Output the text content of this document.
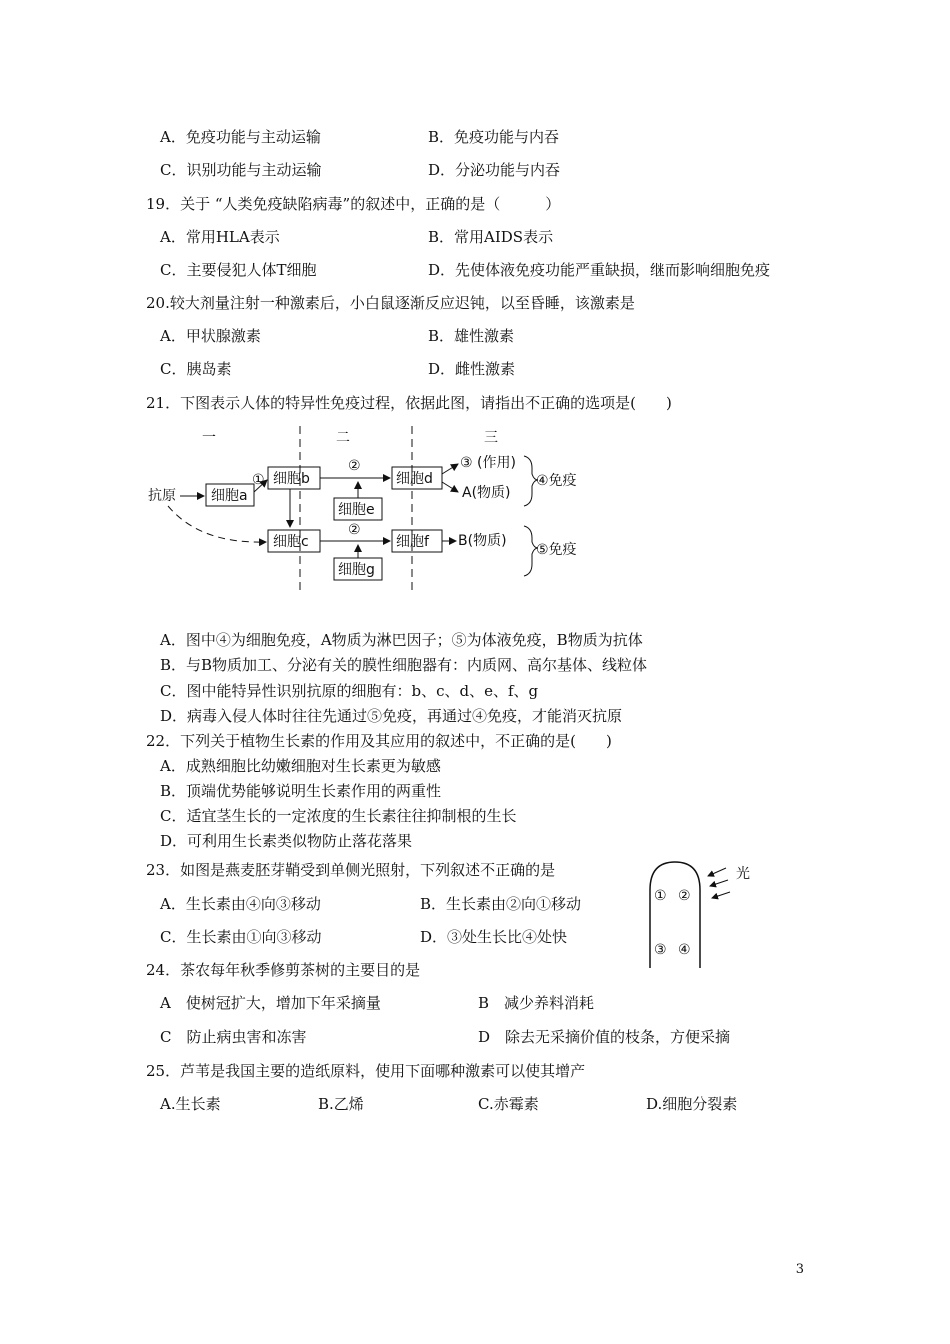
A．免疫功能与主动运输	B．免疫功能与内吞
C．识别功能与主动运输	D．分泌功能与内吞
19．关于 “人类免疫缺陷病毒”的叙述中，正确的是（　　　）
A．常用HLA表示	B．常用AIDS表示
C．主要侵犯人体T细胞	D．先使体液免疫功能严重缺损，继而影响细胞免疫
20.较大剂量注射一种激素后，小白鼠逐渐反应迟钝，以至昏睡，该激素是
A．甲状腺激素	B．雄性激素
C．胰岛素	D．雌性激素
21．下图表示人体的特异性免疫过程，依据此图，请指出不正确的选项是(　　)
一	二	三
抗原	细胞a
① 细胞b
②
细胞e
细胞c
②
细胞g
细胞d
③ (作用)
A(物质)
④免疫
细胞f B(物质)
⑤免疫
A．图中④为细胞免疫，A物质为淋巴因子；⑤为体液免疫，B物质为抗体
B．与B物质加工、分泌有关的膜性细胞器有：内质网、高尔基体、线粒体
C．图中能特异性识别抗原的细胞有：b、c、d、e、f、g
D．病毒入侵人体时往往先通过⑤免疫，再通过④免疫，才能消灭抗原
22．下列关于植物生长素的作用及其应用的叙述中，不正确的是(　　)
A．成熟细胞比幼嫩细胞对生长素更为敏感
B．顶端优势能够说明生长素作用的两重性
C．适宜茎生长的一定浓度的生长素往往抑制根的生长
D．可利用生长素类似物防止落花落果
23．如图是燕麦胚芽鞘受到单侧光照射，下列叙述不正确的是
A．生长素由④向③移动	B．生长素由②向①移动
C．生长素由①向③移动	D．③处生长比④处快
① ②
③ ④
光
24．茶农每年秋季修剪茶树的主要目的是
A　使树冠扩大，增加下年采摘量	B　减少养料消耗
C　防止病虫害和冻害	D　除去无采摘价值的枝条，方便采摘
25．芦苇是我国主要的造纸原料，使用下面哪种激素可以使其增产
A.生长素	B.乙烯	C.赤霉素	D.细胞分裂素
3
